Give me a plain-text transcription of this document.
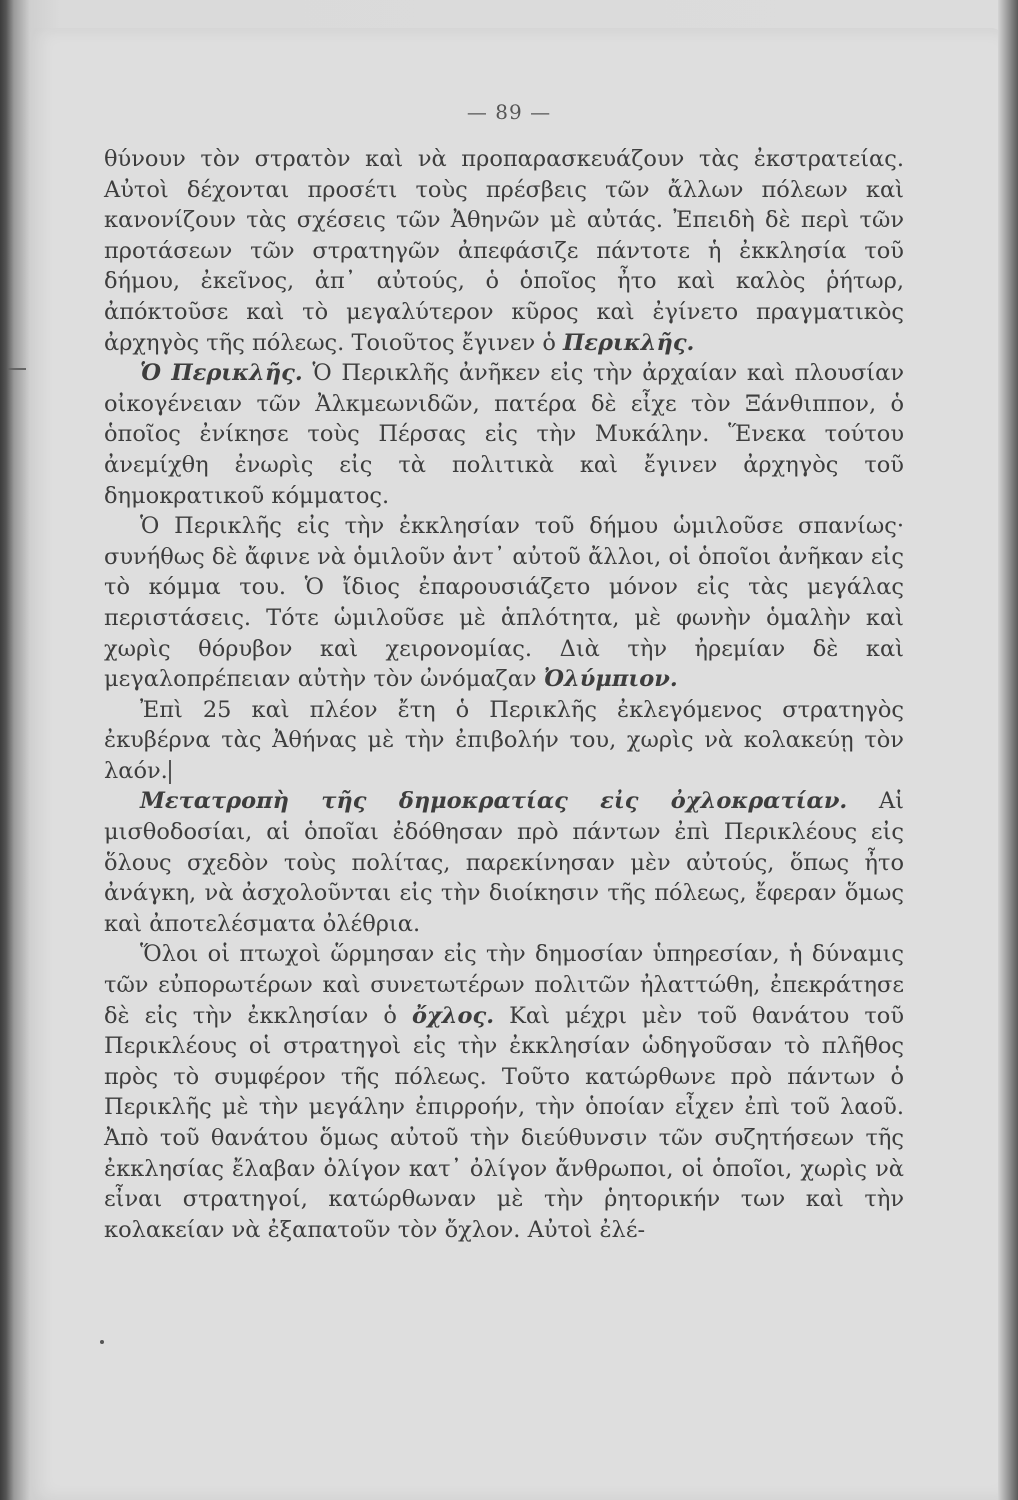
— 89 —

θύνουν τὸν στρατὸν καὶ νὰ προπαρασκευάζουν τὰς ἐκστρατείας. Αὐτοὶ δέχονται προσέτι τοὺς πρέσβεις τῶν ἄλλων πόλεων καὶ κανονίζουν τὰς σχέσεις τῶν Ἀθηνῶν μὲ αὐτάς. Ἐπειδὴ δὲ περὶ τῶν προτάσεων τῶν στρατηγῶν ἀπεφάσιζε πάντοτε ἡ ἐκκλησία τοῦ δήμου, ἐκεῖνος, ἀπ᾽ αὐτούς, ὁ ὁποῖος ἦτο καὶ καλὸς ῥήτωρ, ἀπόκτοῦσε καὶ τὸ μεγαλύτερον κῦρος καὶ ἐγίνετο πραγματικὸς ἀρχηγὸς τῆς πόλεως. Τοιοῦτος ἔγινεν ὁ Περικλῆς.

Ὁ Περικλῆς. Ὁ Περικλῆς ἀνῆκεν εἰς τὴν ἀρχαίαν καὶ πλουσίαν οἰκογένειαν τῶν Ἀλκμεωνιδῶν, πατέρα δὲ εἶχε τὸν Ξάνθιππον, ὁ ὁποῖος ἐνίκησε τοὺς Πέρσας εἰς τὴν Μυκάλην. Ἕνεκα τούτου ἀνεμίχθη ἐνωρὶς εἰς τὰ πολιτικὰ καὶ ἔγινεν ἀρχηγὸς τοῦ δημοκρατικοῦ κόμματος.

Ὁ Περικλῆς εἰς τὴν ἐκκλησίαν τοῦ δήμου ὡμιλοῦσε σπανίως· συνήθως δὲ ἄφινε νὰ ὁμιλοῦν ἀντ᾽ αὐτοῦ ἄλλοι, οἱ ὁποῖοι ἀνῆκαν εἰς τὸ κόμμα του. Ὁ ἴδιος ἐπαρουσιάζετο μόνον εἰς τὰς μεγάλας περιστάσεις. Τότε ὡμιλοῦσε μὲ ἁπλότητα, μὲ φωνὴν ὁμαλὴν καὶ χωρὶς θόρυβον καὶ χειρονομίας. Διὰ τὴν ἠρεμίαν δὲ καὶ μεγαλοπρέπειαν αὐτὴν τὸν ὠνόμαζαν Ὀλύμπιον.

Ἐπὶ 25 καὶ πλέον ἔτη ὁ Περικλῆς ἐκλεγόμενος στρατηγὸς ἐκυβέρνα τὰς Ἀθήνας μὲ τὴν ἐπιβολήν του, χωρὶς νὰ κολακεύῃ τὸν λαόν.

Μετατροπὴ τῆς δημοκρατίας εἰς ὀχλοκρατίαν. Αἱ μισθοδοσίαι, αἱ ὁποῖαι ἐδόθησαν πρὸ πάντων ἐπὶ Περικλέους εἰς ὅλους σχεδὸν τοὺς πολίτας, παρεκίνησαν μὲν αὐτούς, ὅπως ἦτο ἀνάγκη, νὰ ἀσχολοῦνται εἰς τὴν διοίκησιν τῆς πόλεως, ἔφεραν ὅμως καὶ ἀποτελέσματα ὀλέθρια.

Ὅλοι οἱ πτωχοὶ ὥρμησαν εἰς τὴν δημοσίαν ὑπηρεσίαν, ἡ δύναμις τῶν εὐπορωτέρων καὶ συνετωτέρων πολιτῶν ἠλαττώθη, ἐπεκράτησε δὲ εἰς τὴν ἐκκλησίαν ὁ ὄχλος. Καὶ μέχρι μὲν τοῦ θανάτου τοῦ Περικλέους οἱ στρατηγοὶ εἰς τὴν ἐκκλησίαν ὡδηγοῦσαν τὸ πλῆθος πρὸς τὸ συμφέρον τῆς πόλεως. Τοῦτο κατώρθωνε πρὸ πάντων ὁ Περικλῆς μὲ τὴν μεγάλην ἐπιρροήν, τὴν ὁποίαν εἶχεν ἐπὶ τοῦ λαοῦ. Ἀπὸ τοῦ θανάτου ὅμως αὐτοῦ τὴν διεύθυνσιν τῶν συζητήσεων τῆς ἐκκλησίας ἔλαβαν ὀλίγον κατ᾽ ὀλίγον ἄνθρωποι, οἱ ὁποῖοι, χωρὶς νὰ εἶναι στρατηγοί, κατώρθωναν μὲ τὴν ῥητορικήν των καὶ τὴν κολακείαν νὰ ἐξαπατοῦν τὸν ὄχλον. Αὐτοὶ ἐλέ-
